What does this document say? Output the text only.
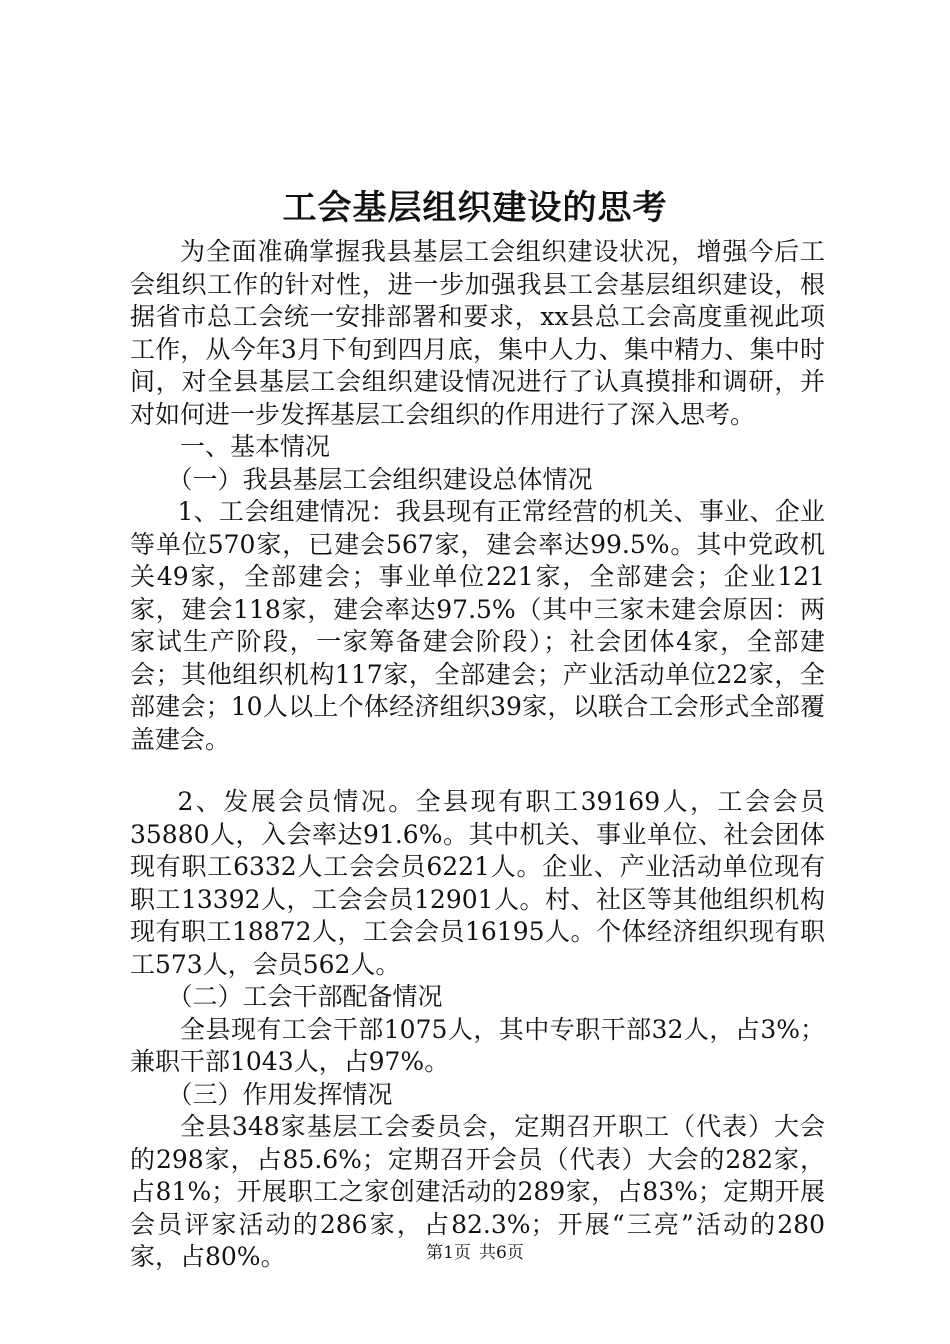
工会基层组织建设的思考

为全面准确掌握我县基层工会组织建设状况，增强今后工会组织工作的针对性，进一步加强我县工会基层组织建设，根据省市总工会统一安排部署和要求，xx县总工会高度重视此项工作，从今年3月下旬到四月底，集中人力、集中精力、集中时间，对全县基层工会组织建设情况进行了认真摸排和调研，并对如何进一步发挥基层工会组织的作用进行了深入思考。

一、基本情况

（一）我县基层工会组织建设总体情况

1、工会组建情况：我县现有正常经营的机关、事业、企业等单位570家，已建会567家，建会率达99.5%。其中党政机关49家，全部建会；事业单位221家，全部建会；企业121家，建会118家，建会率达97.5%（其中三家未建会原因：两家试生产阶段，一家筹备建会阶段）；社会团体4家，全部建会；其他组织机构117家，全部建会；产业活动单位22家，全部建会；10人以上个体经济组织39家，以联合工会形式全部覆盖建会。

2、发展会员情况。全县现有职工39169人，工会会员35880人，入会率达91.6%。其中机关、事业单位、社会团体现有职工6332人工会会员6221人。企业、产业活动单位现有职工13392人，工会会员12901人。村、社区等其他组织机构现有职工18872人，工会会员16195人。个体经济组织现有职工573人，会员562人。

（二）工会干部配备情况

全县现有工会干部1075人，其中专职干部32人，占3%；兼职干部1043人，占97%。

（三）作用发挥情况

全县348家基层工会委员会，定期召开职工（代表）大会的298家，占85.6%；定期召开会员（代表）大会的282家，占81%；开展职工之家创建活动的289家，占83%；定期开展会员评家活动的286家，占82.3%；开展“三亮”活动的280家，占80%。	第1页 共6页
